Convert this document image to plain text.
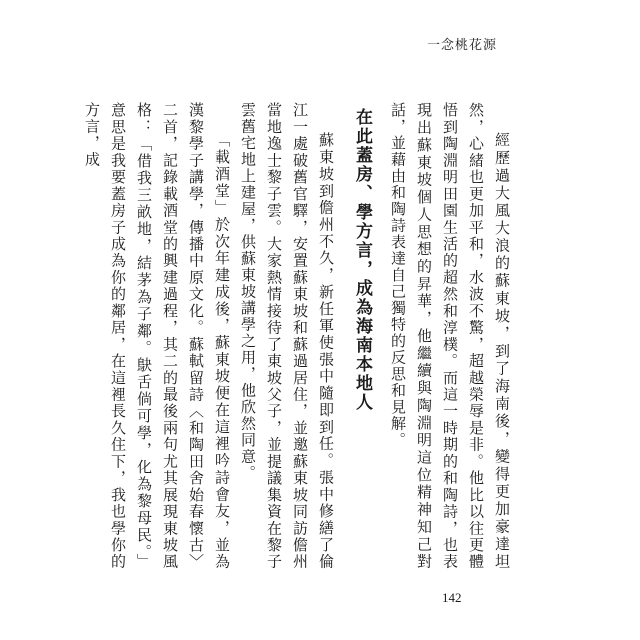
一念桃花源

經歷過大風大浪的蘇東坡，到了海南後，變得更加豪達坦然，心緒也更加平和，水波不驚，超越榮辱是非。他比以往更體悟到陶淵明田園生活的超然和淳樸。而這一時期的和陶詩，也表現出蘇東坡個人思想的昇華，他繼續與陶淵明這位精神知己對話，並藉由和陶詩表達自己獨特的反思和見解。

在此蓋房、學方言，成為海南本地人

蘇東坡到儋州不久，新任軍使張中隨即到任。張中修繕了倫江一處破舊官驛，安置蘇東坡和蘇過居住，並邀蘇東坡同訪儋州當地逸士黎子雲。大家熱情接待了東坡父子，並提議集資在黎子雲舊宅地上建屋，供蘇東坡講學之用，他欣然同意。

「載酒堂」於次年建成後，蘇東坡便在這裡吟詩會友，並為漢黎學子講學，傳播中原文化。蘇軾留詩〈和陶田舍始春懷古〉二首，記錄載酒堂的興建過程，其二的最後兩句尤其展現東坡風格：「借我三畝地，結茅為子鄰。鴃舌倘可學，化為黎母民。」意思是我要蓋房子成為你的鄰居，在這裡長久住下，我也學你的方言，成

142
